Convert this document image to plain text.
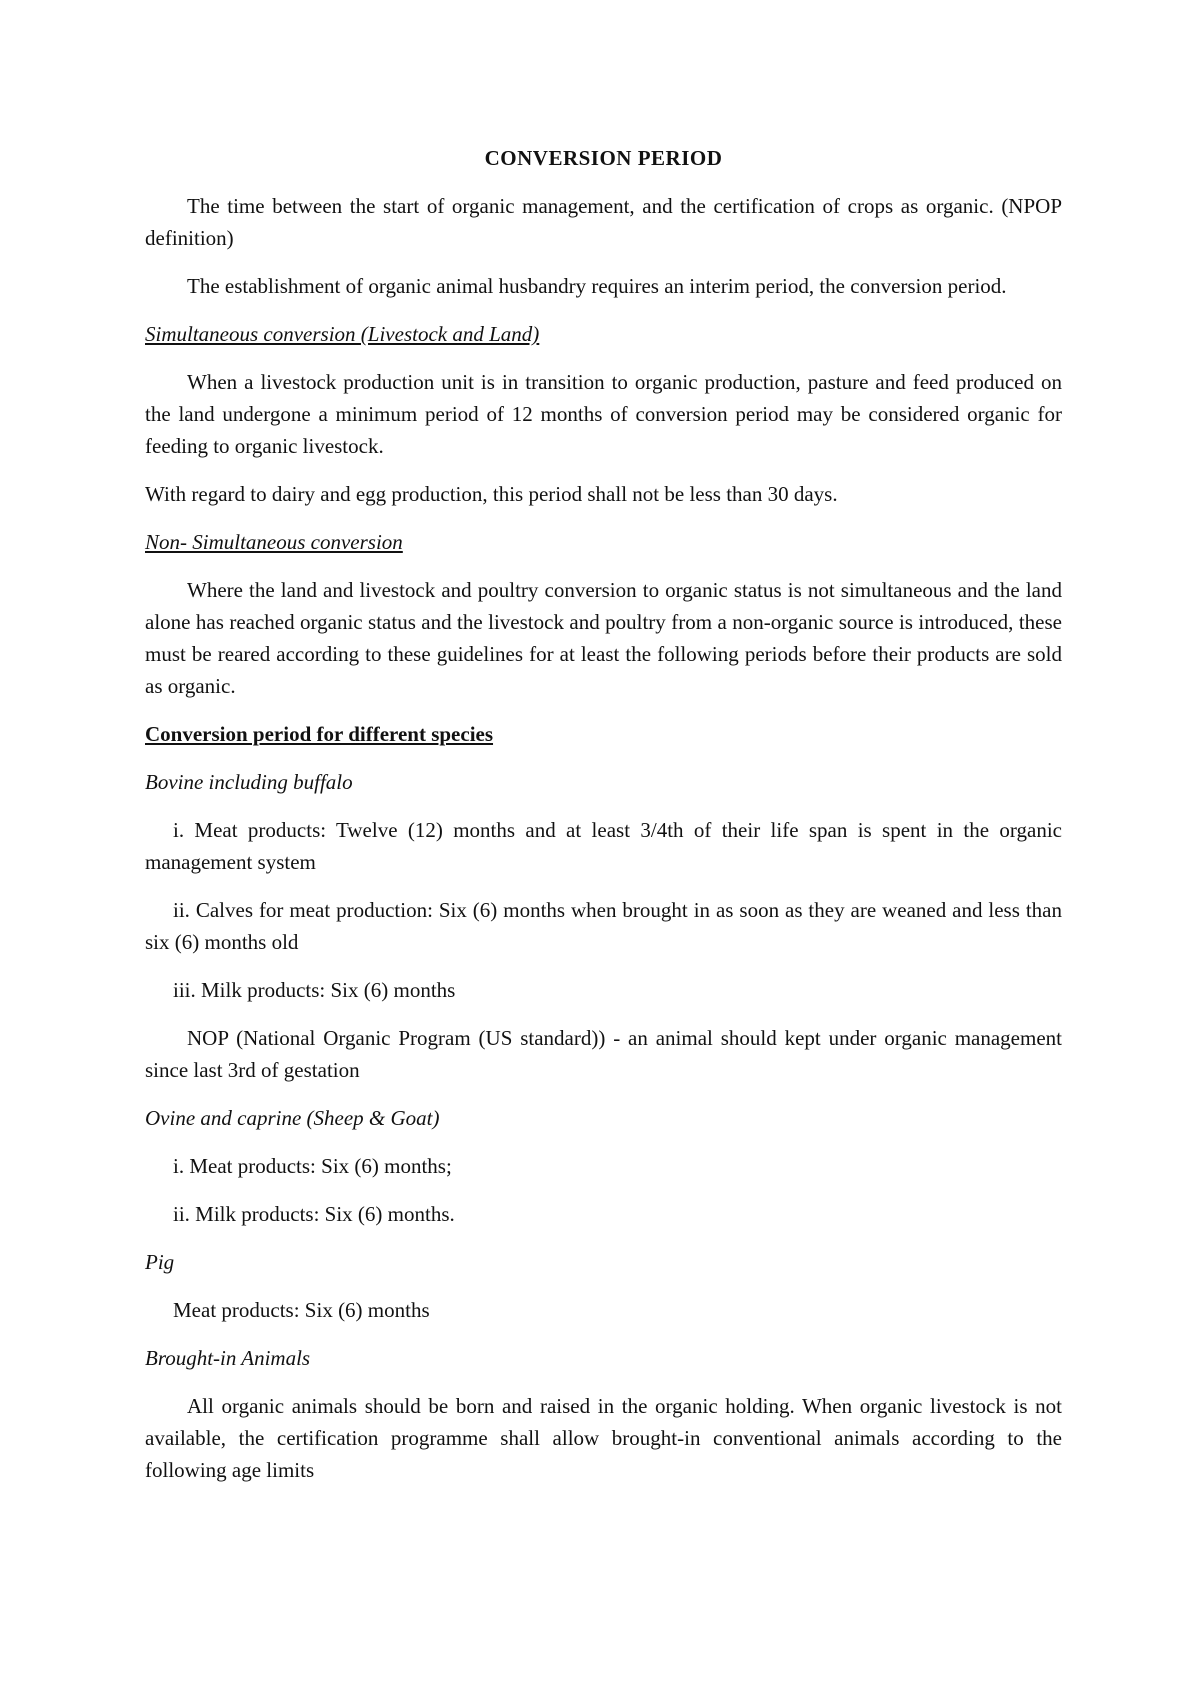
CONVERSION PERIOD

The time between the start of organic management, and the certification of crops as organic. (NPOP definition)

The establishment of organic animal husbandry requires an interim period, the conversion period.

Simultaneous conversion (Livestock and Land)

When a livestock production unit is in transition to organic production, pasture and feed produced on the land undergone a minimum period of 12 months of conversion period may be considered organic for feeding to organic livestock.

With regard to dairy and egg production, this period shall not be less than 30 days.

Non- Simultaneous conversion

Where the land and livestock and poultry conversion to organic status is not simultaneous and the land alone has reached organic status and the livestock and poultry from a non-organic source is introduced, these must be reared according to these guidelines for at least the following periods before their products are sold as organic.

Conversion period for different species

Bovine including buffalo

i. Meat products: Twelve (12) months and at least 3/4th of their life span is spent in the organic management system

ii. Calves for meat production: Six (6) months when brought in as soon as they are weaned and less than six (6) months old

iii. Milk products: Six (6) months

NOP (National Organic Program (US standard)) - an animal should kept under organic management since last 3rd of gestation

Ovine and caprine (Sheep & Goat)

i. Meat products: Six (6) months;

ii. Milk products: Six (6) months.

Pig

Meat products: Six (6) months

Brought-in Animals

All organic animals should be born and raised in the organic holding. When organic livestock is not available, the certification programme shall allow brought-in conventional animals according to the following age limits
